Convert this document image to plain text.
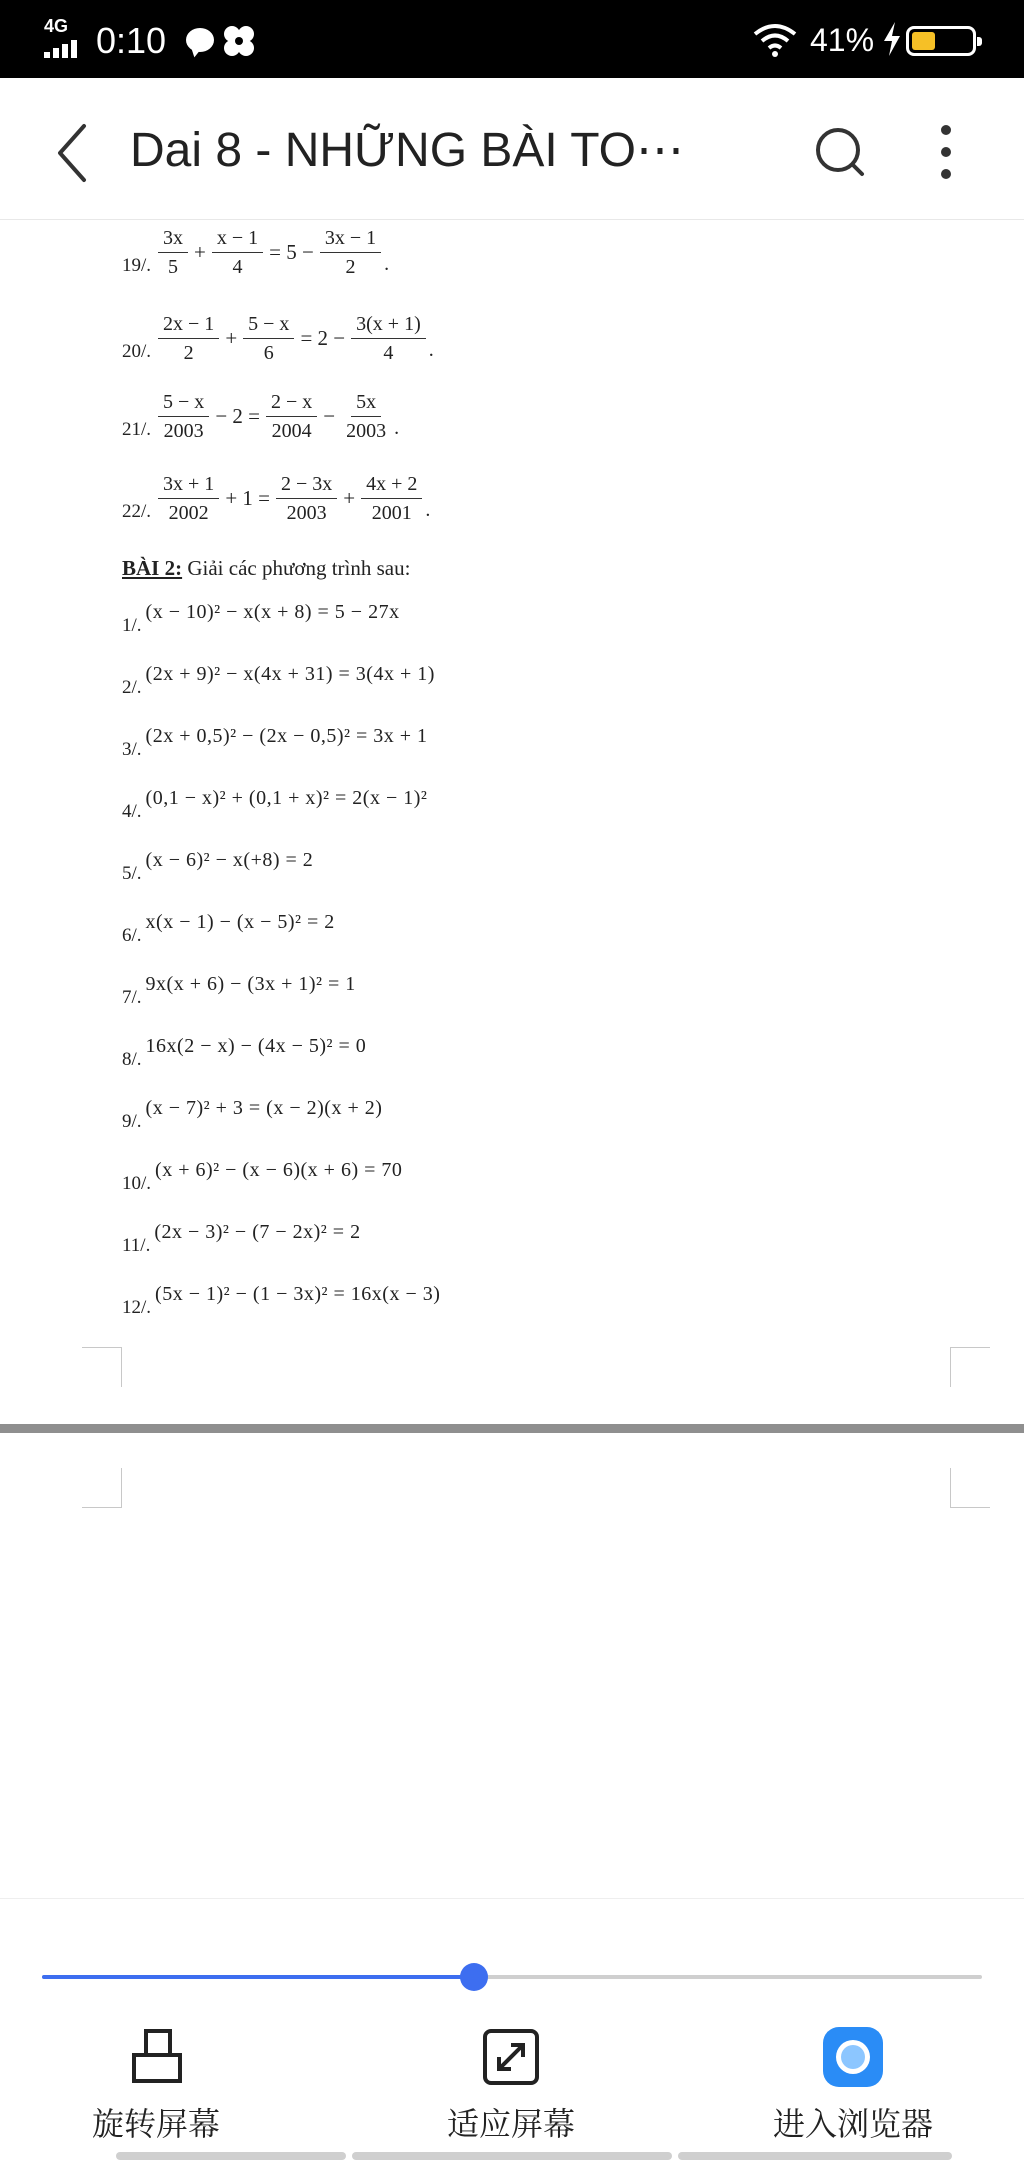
4G 0:10	41%
Dai 8 - NHỮNG BÀI TO⋯
19/. $\frac{3x}{5} + \frac{x - 1}{4} = 5 - \frac{3x - 1}{2}$ .
20/. $\frac{2x - 1}{2} + \frac{5 - x}{6} = 2 - \frac{3(x + 1)}{4}$ .
21/. $\frac{5 - x}{2003} - 2 = \frac{2 - x}{2004} - \frac{5x}{2003}$ .
22/. $\frac{3x + 1}{2002} + 1 = \frac{2 - 3x}{2003} + \frac{4x + 2}{2001}$ .
BÀI 2: Giải các phương trình sau:
1/.
(x − 10)² − x(x + 8) = 5 − 27x
2/.
(2x + 9)² − x(4x + 31) = 3(4x + 1)
3/.
(2x + 0,5)² − (2x − 0,5)² = 3x + 1
4/.
(0,1 − x)² + (0,1 + x)² = 2(x − 1)²
5/.
(x − 6)² − x(+8) = 2
6/.
x(x − 1) − (x − 5)² = 2
7/.
9x(x + 6) − (3x + 1)² = 1
8/.
16x(2 − x) − (4x − 5)² = 0
9/.
(x − 7)² + 3 = (x − 2)(x + 2)
10/.
(x + 6)² − (x − 6)(x + 6) = 70
11/.
(2x − 3)² − (7 − 2x)² = 2
12/.
(5x − 1)² − (1 − 3x)² = 16x(x − 3)
旋转屏幕	适应屏幕	进入浏览器
